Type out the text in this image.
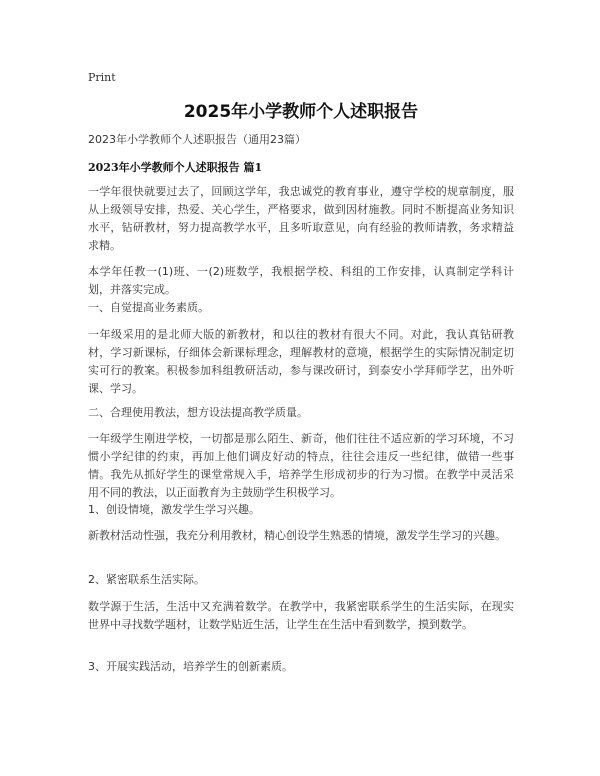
Print
2025年小学教师个人述职报告
2023年小学教师个人述职报告（通用23篇）
2023年小学教师个人述职报告 篇1

一学年很快就要过去了，回顾这学年，我忠诚党的教育事业，遵守学校的规章制度，服从上级领导安排，热爱、关心学生，严格要求，做到因材施教。同时不断提高业务知识水平，钻研教材，努力提高教学水平，且多听取意见，向有经验的教师请教，务求精益求精。

本学年任教一(1)班、一(2)班数学，我根据学校、科组的工作安排，认真制定学科计划，并落实完成。

一、自觉提高业务素质。

一年级采用的是北师大版的新教材，和以往的教材有很大不同。对此，我认真钻研教材，学习新课标，仔细体会新课标理念，理解教材的意境，根据学生的实际情况制定切实可行的教案。积极参加科组教研活动，参与课改研讨，到泰安小学拜师学艺，出外听课、学习。

二、合理使用教法，想方设法提高教学质量。

一年级学生刚进学校，一切都是那么陌生、新奇，他们往往不适应新的学习环境，不习惯小学纪律的约束，再加上他们调皮好动的特点，往往会违反一些纪律，做错一些事情。我先从抓好学生的课堂常规入手，培养学生形成初步的行为习惯。在教学中灵活采用不同的教法，以正面教育为主鼓励学生积极学习。

1、创设情境，激发学生学习兴趣。

新教材活动性强，我充分利用教材，精心创设学生熟悉的情境，激发学生学习的兴趣。

2、紧密联系生活实际。

数学源于生活，生活中又充满着数学。在教学中，我紧密联系学生的生活实际，在现实世界中寻找数学题材，让数学贴近生活，让学生在生活中看到数学，摸到数学。

3、开展实践活动，培养学生的创新素质。
